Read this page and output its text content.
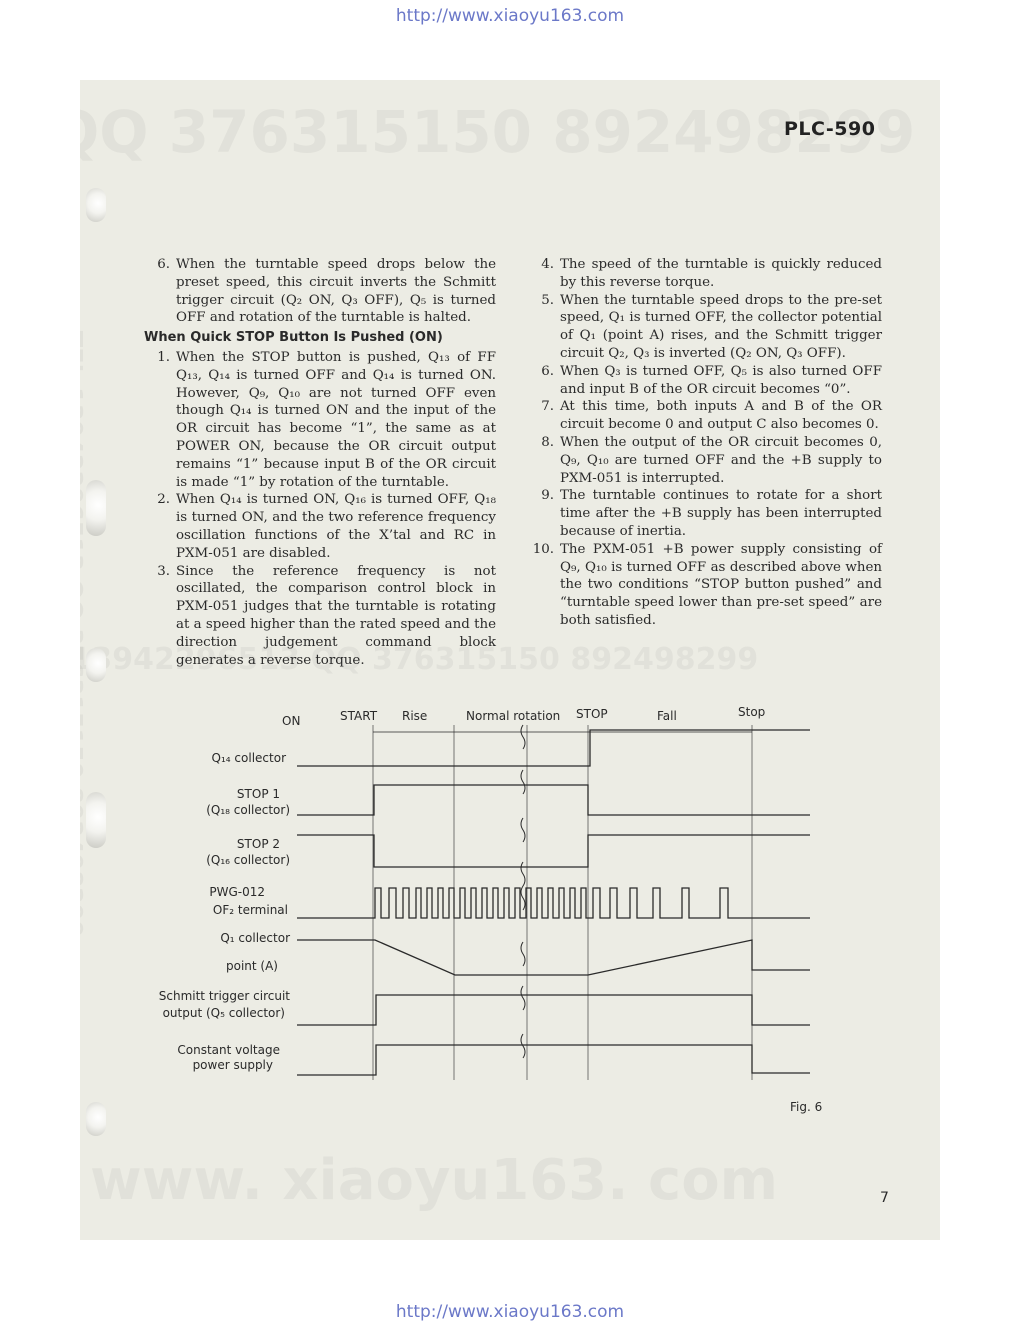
http://www.xiaoyu163.com
PLC-590
6. When the turntable speed drops below the preset speed, this circuit inverts the Schmitt trigger circuit (Q₂ ON, Q₃ OFF), Q₅ is turned OFF and rotation of the turntable is halted.
When Quick STOP Button Is Pushed (ON)
1. When the STOP button is pushed, Q₁₃ of FF Q₁₃, Q₁₄ is turned OFF and Q₁₄ is turned ON. However, Q₉, Q₁₀ are not turned OFF even though Q₁₄ is turned ON and the input of the OR circuit has become “1”, the same as at POWER ON, because the OR circuit output remains “1” because input B of the OR circuit is made “1” by rotation of the turntable.
2. When Q₁₄ is turned ON, Q₁₆ is turned OFF, Q₁₈ is turned ON, and the two reference frequency oscillation functions of the X’tal and RC in PXM-051 are disabled.
3. Since the reference frequency is not oscillated, the comparison control block in PXM-051 judges that the turntable is rotating at a speed higher than the rated speed and the direction judgement command block generates a reverse torque.
4. The speed of the turntable is quickly reduced by this reverse torque.
5. When the turntable speed drops to the pre-set speed, Q₁ is turned OFF, the collector potential of Q₁ (point A) rises, and the Schmitt trigger circuit Q₂, Q₃ is inverted (Q₂ ON, Q₃ OFF).
6. When Q₃ is turned OFF, Q₅ is also turned OFF and input B of the OR circuit becomes “0”.
7. At this time, both inputs A and B of the OR circuit become 0 and output C also becomes 0.
8. When the output of the OR circuit becomes 0, Q₉, Q₁₀ are turned OFF and the +B supply to PXM-051 is interrupted.
9. The turntable continues to rotate for a short time after the +B supply has been interrupted because of inertia.
10. The PXM-051 +B power supply consisting of Q₉, Q₁₀ is turned OFF as described above when the two conditions “STOP button pushed” and “turntable speed lower than pre-set speed” are both satisfied.
ON	START Rise	Normal rotation STOP	Fall	Stop
Q₁₄ collector
STOP 1
(Q₁₈ collector)
STOP 2
(Q₁₆ collector)
PWG-012
OF₂ terminal
Q₁ collector
point (A)
Schmitt trigger circuit
output (Q₅ collector)
Constant voltage
power supply
Fig. 6
7
http://www.xiaoyu163.com
